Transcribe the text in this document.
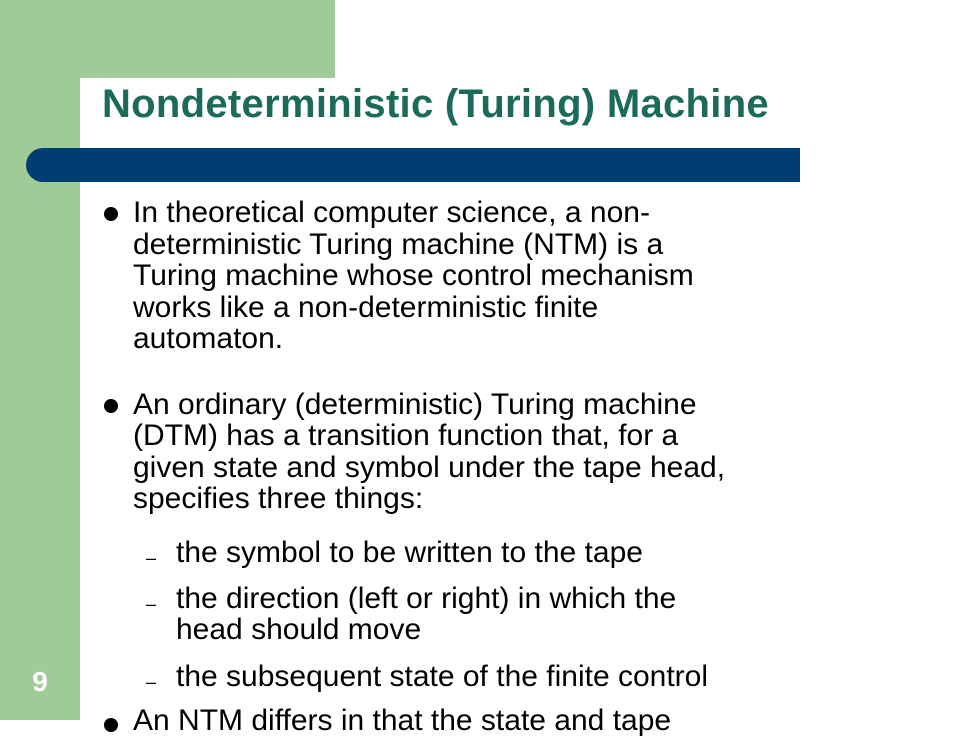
Nondeterministic (Turing) Machine
In theoretical computer science, a non-
deterministic Turing machine (NTM) is a
Turing machine whose control mechanism
works like a non-deterministic finite
automaton.
An ordinary (deterministic) Turing machine
(DTM) has a transition function that, for a
given state and symbol under the tape head,
specifies three things:
– the symbol to be written to the tape
– the direction (left or right) in which the
head should move
– the subsequent state of the finite control
An NTM differs in that the state and tape
9
